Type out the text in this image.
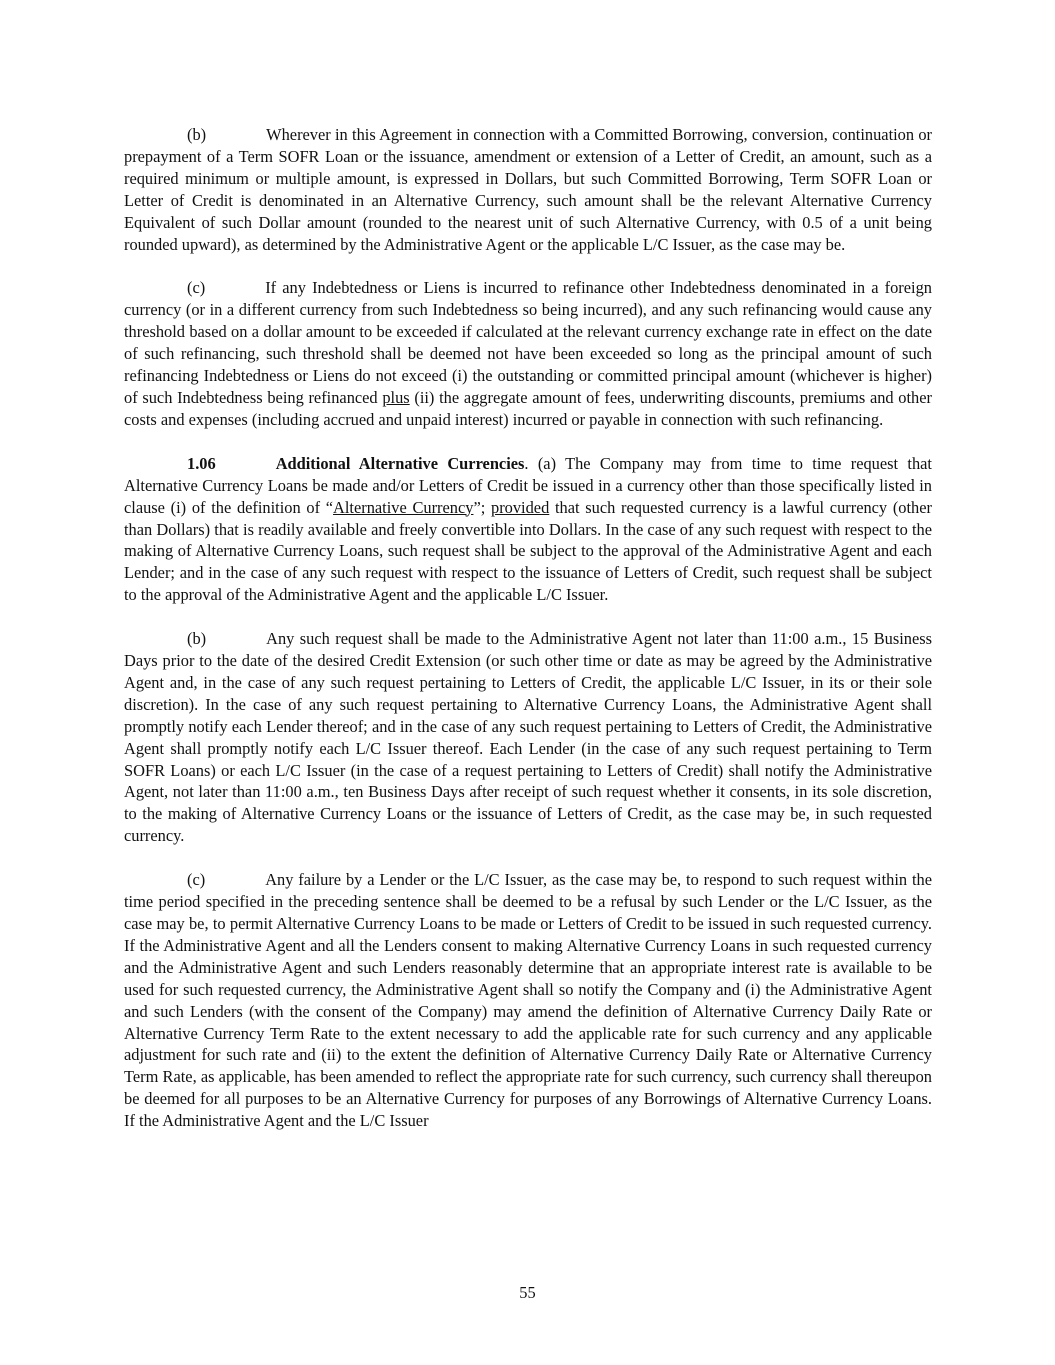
(b)	Wherever in this Agreement in connection with a Committed Borrowing, conversion, continuation or prepayment of a Term SOFR Loan or the issuance, amendment or extension of a Letter of Credit, an amount, such as a required minimum or multiple amount, is expressed in Dollars, but such Committed Borrowing, Term SOFR Loan or Letter of Credit is denominated in an Alternative Currency, such amount shall be the relevant Alternative Currency Equivalent of such Dollar amount (rounded to the nearest unit of such Alternative Currency, with 0.5 of a unit being rounded upward), as determined by the Administrative Agent or the applicable L/C Issuer, as the case may be.

(c)	If any Indebtedness or Liens is incurred to refinance other Indebtedness denominated in a foreign currency (or in a different currency from such Indebtedness so being incurred), and any such refinancing would cause any threshold based on a dollar amount to be exceeded if calculated at the relevant currency exchange rate in effect on the date of such refinancing, such threshold shall be deemed not have been exceeded so long as the principal amount of such refinancing Indebtedness or Liens do not exceed (i) the outstanding or committed principal amount (whichever is higher) of such Indebtedness being refinanced plus (ii) the aggregate amount of fees, underwriting discounts, premiums and other costs and expenses (including accrued and unpaid interest) incurred or payable in connection with such refinancing.

1.06	Additional Alternative Currencies. (a) The Company may from time to time request that Alternative Currency Loans be made and/or Letters of Credit be issued in a currency other than those specifically listed in clause (i) of the definition of “Alternative Currency”; provided that such requested currency is a lawful currency (other than Dollars) that is readily available and freely convertible into Dollars. In the case of any such request with respect to the making of Alternative Currency Loans, such request shall be subject to the approval of the Administrative Agent and each Lender; and in the case of any such request with respect to the issuance of Letters of Credit, such request shall be subject to the approval of the Administrative Agent and the applicable L/C Issuer.

(b)	Any such request shall be made to the Administrative Agent not later than 11:00 a.m., 15 Business Days prior to the date of the desired Credit Extension (or such other time or date as may be agreed by the Administrative Agent and, in the case of any such request pertaining to Letters of Credit, the applicable L/C Issuer, in its or their sole discretion). In the case of any such request pertaining to Alternative Currency Loans, the Administrative Agent shall promptly notify each Lender thereof; and in the case of any such request pertaining to Letters of Credit, the Administrative Agent shall promptly notify each L/C Issuer thereof. Each Lender (in the case of any such request pertaining to Term SOFR Loans) or each L/C Issuer (in the case of a request pertaining to Letters of Credit) shall notify the Administrative Agent, not later than 11:00 a.m., ten Business Days after receipt of such request whether it consents, in its sole discretion, to the making of Alternative Currency Loans or the issuance of Letters of Credit, as the case may be, in such requested currency.

(c)	Any failure by a Lender or the L/C Issuer, as the case may be, to respond to such request within the time period specified in the preceding sentence shall be deemed to be a refusal by such Lender or the L/C Issuer, as the case may be, to permit Alternative Currency Loans to be made or Letters of Credit to be issued in such requested currency. If the Administrative Agent and all the Lenders consent to making Alternative Currency Loans in such requested currency and the Administrative Agent and such Lenders reasonably determine that an appropriate interest rate is available to be used for such requested currency, the Administrative Agent shall so notify the Company and (i) the Administrative Agent and such Lenders (with the consent of the Company) may amend the definition of Alternative Currency Daily Rate or Alternative Currency Term Rate to the extent necessary to add the applicable rate for such currency and any applicable adjustment for such rate and (ii) to the extent the definition of Alternative Currency Daily Rate or Alternative Currency Term Rate, as applicable, has been amended to reflect the appropriate rate for such currency, such currency shall thereupon be deemed for all purposes to be an Alternative Currency for purposes of any Borrowings of Alternative Currency Loans. If the Administrative Agent and the L/C Issuer

55
